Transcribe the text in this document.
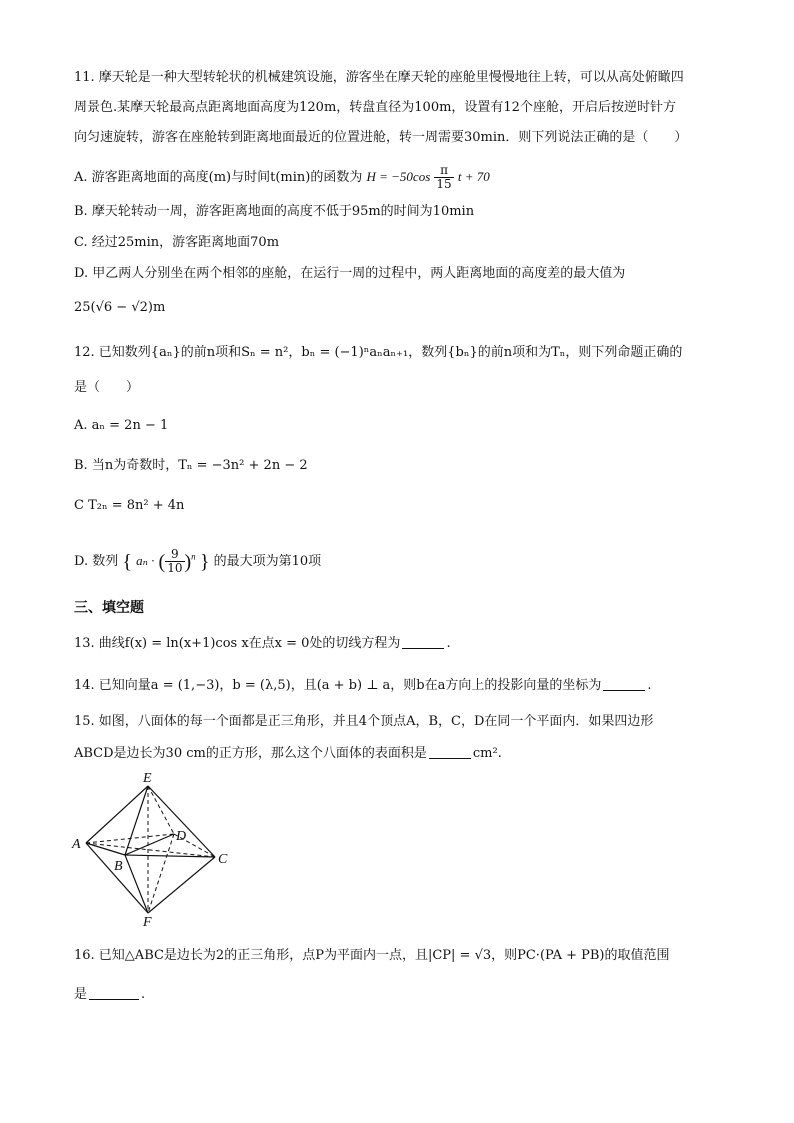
11. 摩天轮是一种大型转轮状的机械建筑设施，游客坐在摩天轮的座舱里慢慢地往上转，可以从高处俯瞰四
周景色.某摩天轮最高点距离地面高度为120m，转盘直径为100m，设置有12个座舱，开启后按逆时针方
向匀速旋转，游客在座舱转到距离地面最近的位置进舱，转一周需要30min．则下列说法正确的是（　　）
A. 游客距离地面的高度(m)与时间t(min)的函数为 $H = -50\cos \frac{\pi}{15}$ t + 70
B. 摩天轮转动一周，游客距离地面的高度不低于95m的时间为10min
C. 经过25min，游客距离地面70m
D. 甲乙两人分别坐在两个相邻的座舱，在运行一周的过程中，两人距离地面的高度差的最大值为
25(√6 − √2)m
12. 已知数列{aₙ}的前n项和Sₙ = n²，bₙ = (−1)ⁿaₙaₙ₊₁，数列{bₙ}的前n项和为Tₙ，则下列命题正确的
是（　　）
A. aₙ = 2n − 1
B. 当n为奇数时，Tₙ = −3n² + 2n − 2
C T₂ₙ = 8n² + 4n
D. 数列 { aₙ · ( $\frac{9}{10} )^n$ } 的最大项为第10项
三、填空题
13. 曲线f(x) = ln(x+1)cos x在点x = 0处的切线方程为	.
14. 已知向量a = (1,−3)，b = (λ,5)，且(a + b) ⊥ a，则b在a方向上的投影向量的坐标为	.
15. 如图，八面体的每一个面都是正三角形，并且4个顶点A，B，C，D在同一个平面内．如果四边形
ABCD是边长为30 cm的正方形，那么这个八面体的表面积是	cm².
E
A
D
B	C
F
16. 已知△ABC是边长为2的正三角形，点P为平面内一点，且|CP| = √3，则PC·(PA + PB)的取值范围
是	.
